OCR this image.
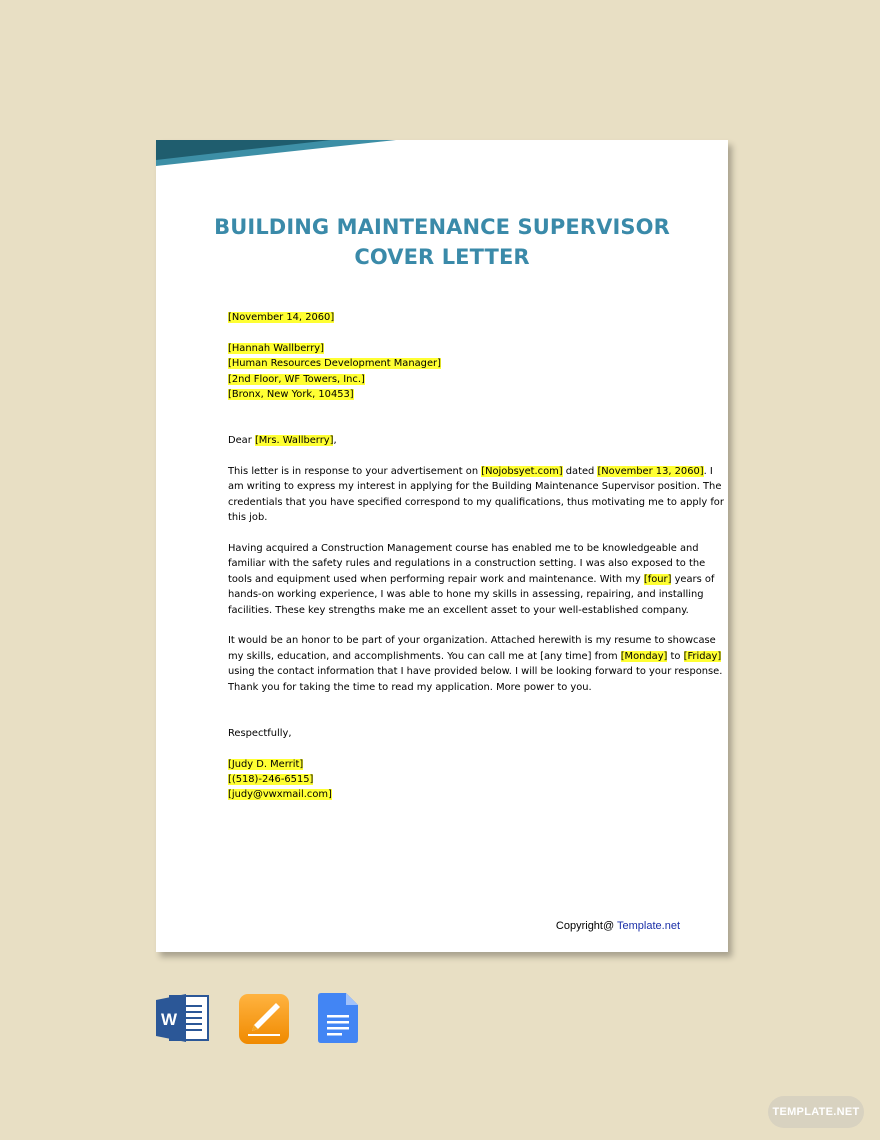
BUILDING MAINTENANCE SUPERVISOR
COVER LETTER

[November 14, 2060]

[Hannah Wallberry]

[Human Resources Development Manager]

[2nd Floor, WF Towers, Inc.]

[Bronx, New York, 10453]

Dear [Mrs. Wallberry],

This letter is in response to your advertisement on [Nojobsyet.com] dated [November 13, 2060]. I

am writing to express my interest in applying for the Building Maintenance Supervisor position. The

credentials that you have specified correspond to my qualifications, thus motivating me to apply for

this job.

Having acquired a Construction Management course has enabled me to be knowledgeable and

familiar with the safety rules and regulations in a construction setting. I was also exposed to the

tools and equipment used when performing repair work and maintenance. With my [four] years of

hands-on working experience, I was able to hone my skills in assessing, repairing, and installing

facilities. These key strengths make me an excellent asset to your well-established company.

It would be an honor to be part of your organization. Attached herewith is my resume to showcase

my skills, education, and accomplishments. You can call me at [any time] from [Monday] to [Friday]

using the contact information that I have provided below. I will be looking forward to your response.

Thank you for taking the time to read my application. More power to you.

Respectfully,

[Judy D. Merrit]

[(518)-246-6515]

[judy@vwxmail.com]

Copyright@ Template.net
W
TEMPLATE.NET
